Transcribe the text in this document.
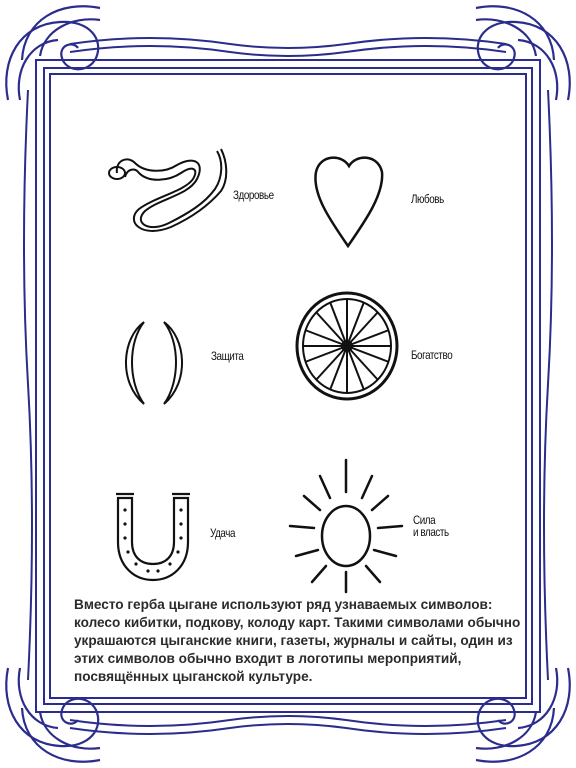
Здоровье	Любовь
Защита	Богатство
Удача
Сила
и власть

Вместо герба цыгане используют ряд узнаваемых символов: колесо кибитки, подкову, колоду карт. Такими символами обычно украшаются цыганские книги, газеты, журналы и сайты, один из этих символов обычно входит в логотипы мероприятий, посвящённых цыганской культуре.
